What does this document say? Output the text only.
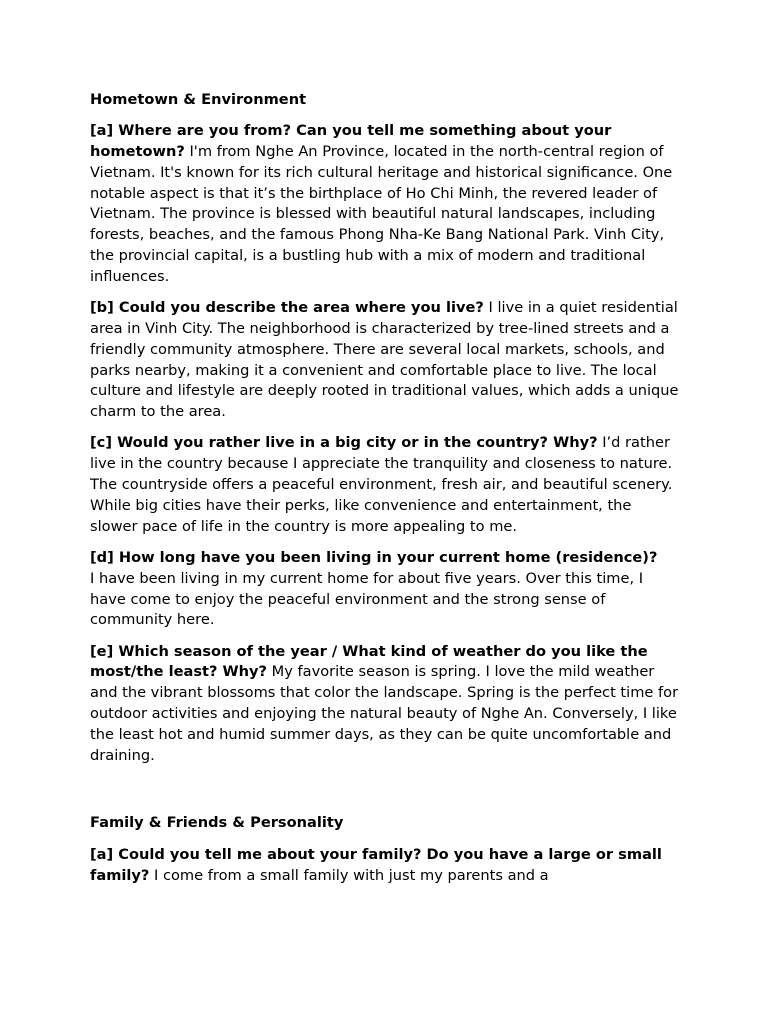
Hometown & Environment

[a] Where are you from? Can you tell me something about your hometown? I'm from Nghe An Province, located in the north-central region of Vietnam. It's known for its rich cultural heritage and historical significance. One notable aspect is that it’s the birthplace of Ho Chi Minh, the revered leader of Vietnam. The province is blessed with beautiful natural landscapes, including forests, beaches, and the famous Phong Nha-Ke Bang National Park. Vinh City, the provincial capital, is a bustling hub with a mix of modern and traditional influences.

[b] Could you describe the area where you live? I live in a quiet residential area in Vinh City. The neighborhood is characterized by tree-lined streets and a friendly community atmosphere. There are several local markets, schools, and parks nearby, making it a convenient and comfortable place to live. The local culture and lifestyle are deeply rooted in traditional values, which adds a unique charm to the area.

[c] Would you rather live in a big city or in the country? Why? I’d rather live in the country because I appreciate the tranquility and closeness to nature. The countryside offers a peaceful environment, fresh air, and beautiful scenery. While big cities have their perks, like convenience and entertainment, the slower pace of life in the country is more appealing to me.

[d] How long have you been living in your current home (residence)?
I have been living in my current home for about five years. Over this time, I have come to enjoy the peaceful environment and the strong sense of community here.

[e] Which season of the year / What kind of weather do you like the most/the least? Why? My favorite season is spring. I love the mild weather and the vibrant blossoms that color the landscape. Spring is the perfect time for outdoor activities and enjoying the natural beauty of Nghe An. Conversely, I like the least hot and humid summer days, as they can be quite uncomfortable and draining.

Family & Friends & Personality

[a] Could you tell me about your family? Do you have a large or small family? I come from a small family with just my parents and a
